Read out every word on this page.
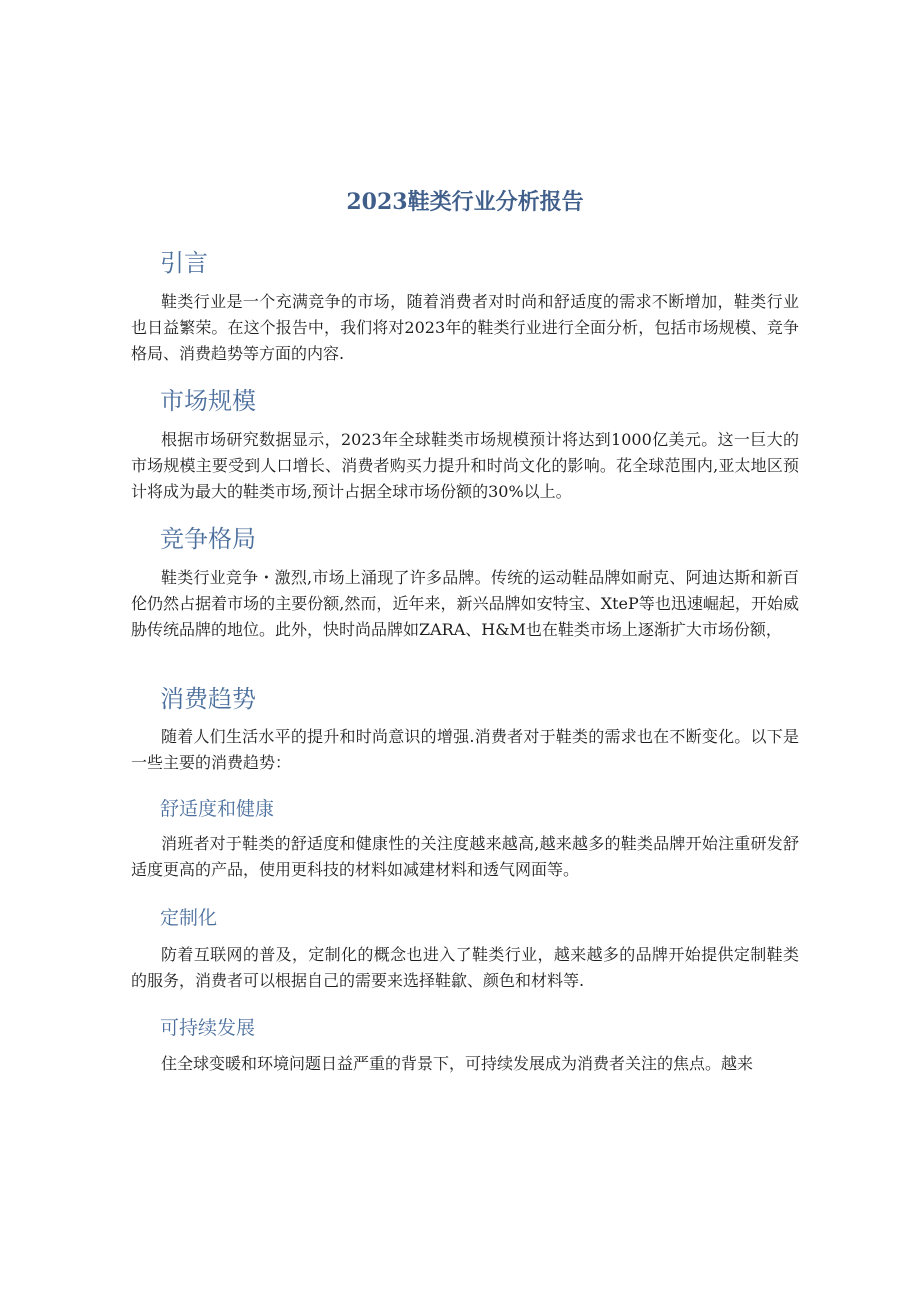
2023鞋类行业分析报告
引言

鞋类行业是一个充满竞争的市场，随着消费者对时尚和舒适度的需求不断增加，鞋类行业也日益繁荣。在这个报告中，我们将对2023年的鞋类行业进行全面分析，包括市场规模、竞争格局、消费趋势等方面的内容.

市场规模

根据市场研究数据显示，2023年全球鞋类市场规模预计将达到1000亿美元。这一巨大的市场规模主要受到人口增长、消费者购买力提升和时尚文化的影响。花全球范围内,亚太地区预计将成为最大的鞋类市场,预计占据全球市场份额的30%以上。

竞争格局

鞋类行业竞争・激烈,市场上涌现了许多品牌。传统的运动鞋品牌如耐克、阿迪达斯和新百伦仍然占据着市场的主要份额,然而，近年来，新兴品牌如安特宝、XteP等也迅速崛起，开始威胁传统品牌的地位。此外，快时尚品牌如ZARA、H&M也在鞋类市场上逐渐扩大市场份额，

消费趋势

随着人们生活水平的提升和时尚意识的增强.消费者对于鞋类的需求也在不断变化。以下是一些主要的消费趋势：

舒适度和健康

消班者对于鞋类的舒适度和健康性的关注度越来越高,越来越多的鞋类品牌开始注重研发舒适度更高的产品，使用更科技的材料如减建材料和透气网面等。

定制化

防着互联网的普及，定制化的概念也进入了鞋类行业，越来越多的品牌开始提供定制鞋类的服务，消费者可以根据自己的需要来选择鞋歙、颜色和材料等.

可持续发展

住全球变暖和环境问题日益严重的背景下，可持续发展成为消费者关注的焦点。越来
